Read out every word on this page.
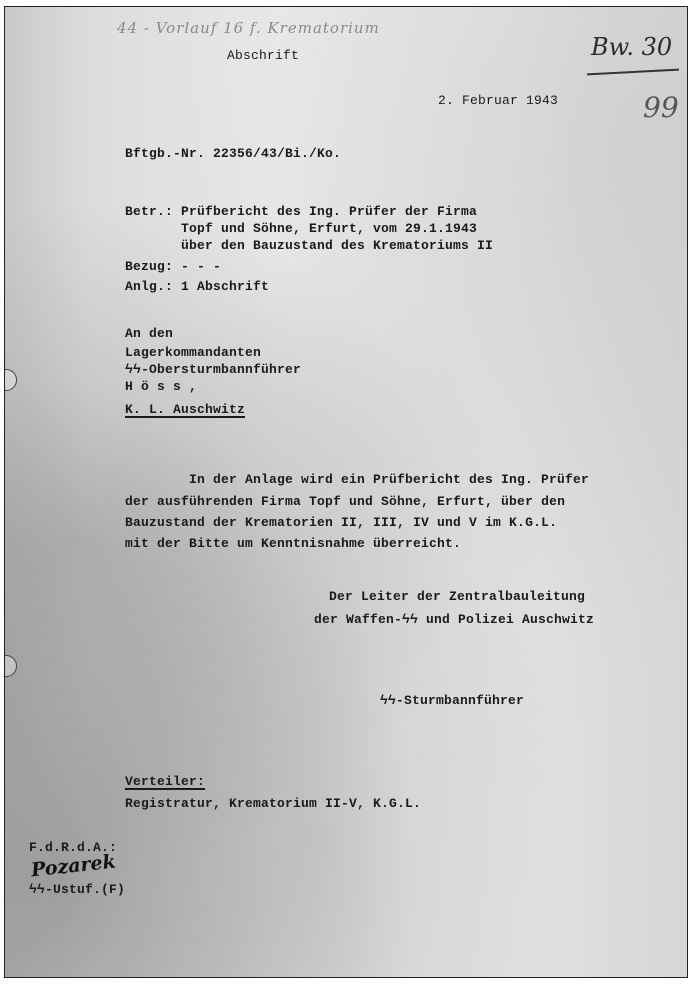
44 - Vorlauf 16 f. Krematorium
Bw. 30
99
Abschrift
2. Februar 1943
Bftgb.-Nr. 22356/43/Bi./Ko.
Betr.: Prüfbericht des Ing. Prüfer der Firma
Topf und Söhne, Erfurt, vom 29.1.1943
über den Bauzustand des Krematoriums II
Bezug: - - -
Anlg.: 1 Abschrift
An den
Lagerkommandanten
ϟϟ-Obersturmbannführer
H ö s s ,
K. L. Auschwitz
In der Anlage wird ein Prüfbericht des Ing. Prüfer
der ausführenden Firma Topf und Söhne, Erfurt, über den
Bauzustand der Krematorien II, III, IV und V im K.G.L.
mit der Bitte um Kenntnisnahme überreicht.
Der Leiter der Zentralbauleitung
der Waffen-ϟϟ und Polizei Auschwitz
ϟϟ-Sturmbannführer
Verteiler:
Registratur, Krematorium II-V, K.G.L.
F.d.R.d.A.:
Pozarek
ϟϟ-Ustuf.(F)
